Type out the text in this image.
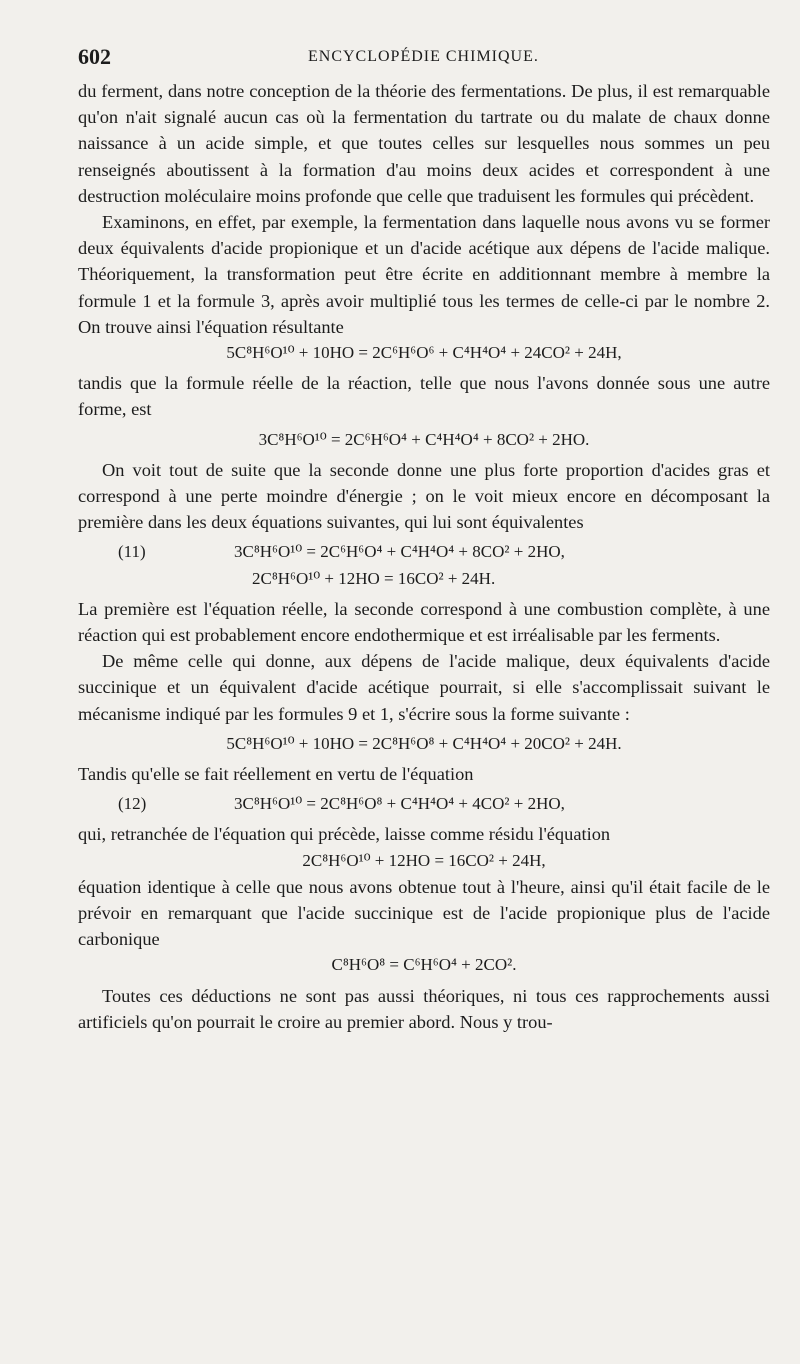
602	ENCYCLOPÉDIE CHIMIQUE.

du ferment, dans notre conception de la théorie des fermentations. De plus, il est remarquable qu'on n'ait signalé aucun cas où la fermentation du tartrate ou du malate de chaux donne naissance à un acide simple, et que toutes celles sur lesquelles nous sommes un peu renseignés aboutissent à la formation d'au moins deux acides et correspondent à une destruction moléculaire moins profonde que celle que traduisent les formules qui précèdent.

Examinons, en effet, par exemple, la fermentation dans laquelle nous avons vu se former deux équivalents d'acide propionique et un d'acide acétique aux dépens de l'acide malique. Théoriquement, la transformation peut être écrite en additionnant membre à membre la formule 1 et la formule 3, après avoir multiplié tous les termes de celle-ci par le nombre 2. On trouve ainsi l'équation résultante

5C⁸H⁶O¹⁰ + 10HO = 2C⁶H⁶O⁶ + C⁴H⁴O⁴ + 24CO² + 24H,

tandis que la formule réelle de la réaction, telle que nous l'avons donnée sous une autre forme, est

3C⁸H⁶O¹⁰ = 2C⁶H⁶O⁴ + C⁴H⁴O⁴ + 8CO² + 2HO.

On voit tout de suite que la seconde donne une plus forte proportion d'acides gras et correspond à une perte moindre d'énergie ; on le voit mieux encore en décomposant la première dans les deux équations suivantes, qui lui sont équivalentes

(11)	3C⁸H⁶O¹⁰ = 2C⁶H⁶O⁴ + C⁴H⁴O⁴ + 8CO² + 2HO,
2C⁸H⁶O¹⁰ + 12HO = 16CO² + 24H.

La première est l'équation réelle, la seconde correspond à une combustion complète, à une réaction qui est probablement encore endothermique et est irréalisable par les ferments.

De même celle qui donne, aux dépens de l'acide malique, deux équivalents d'acide succinique et un équivalent d'acide acétique pourrait, si elle s'accomplissait suivant le mécanisme indiqué par les formules 9 et 1, s'écrire sous la forme suivante :

5C⁸H⁶O¹⁰ + 10HO = 2C⁸H⁶O⁸ + C⁴H⁴O⁴ + 20CO² + 24H.

Tandis qu'elle se fait réellement en vertu de l'équation

(12)	3C⁸H⁶O¹⁰ = 2C⁸H⁶O⁸ + C⁴H⁴O⁴ + 4CO² + 2HO,

qui, retranchée de l'équation qui précède, laisse comme résidu l'équation

2C⁸H⁶O¹⁰ + 12HO = 16CO² + 24H,

équation identique à celle que nous avons obtenue tout à l'heure, ainsi qu'il était facile de le prévoir en remarquant que l'acide succinique est de l'acide propionique plus de l'acide carbonique

C⁸H⁶O⁸ = C⁶H⁶O⁴ + 2CO².

Toutes ces déductions ne sont pas aussi théoriques, ni tous ces rapprochements aussi artificiels qu'on pourrait le croire au premier abord. Nous y trou-
